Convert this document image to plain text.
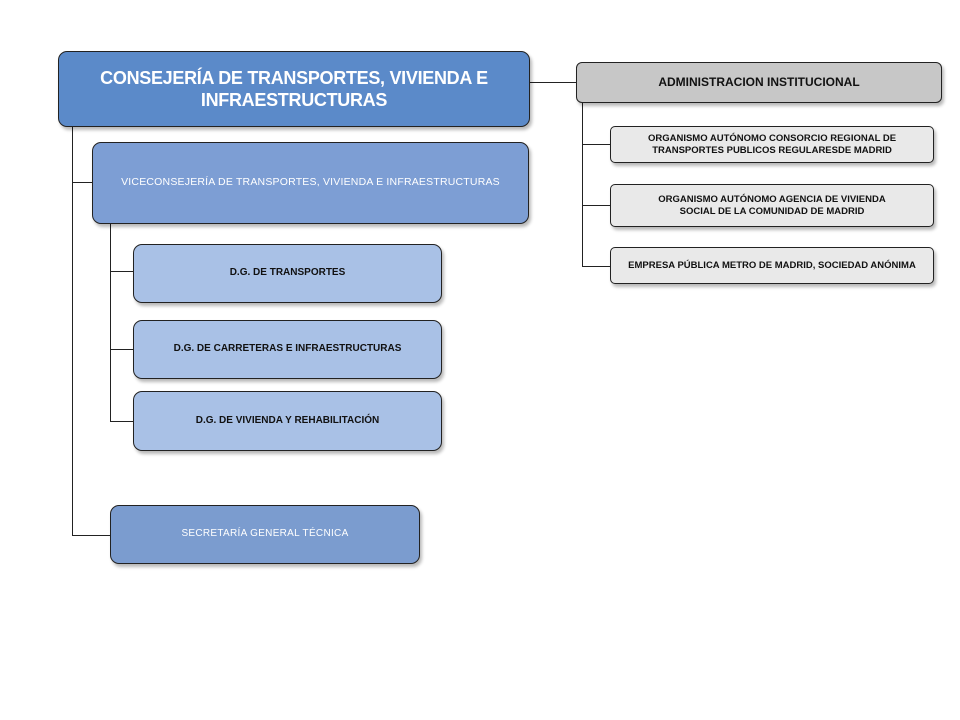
CONSEJERÍA DE TRANSPORTES, VIVIENDA E
INFRAESTRUCTURAS
VICECONSEJERÍA DE TRANSPORTES, VIVIENDA E INFRAESTRUCTURAS
D.G. DE TRANSPORTES
D.G. DE CARRETERAS E INFRAESTRUCTURAS
D.G. DE VIVIENDA Y REHABILITACIÓN
SECRETARÍA GENERAL TÉCNICA
ADMINISTRACION INSTITUCIONAL
ORGANISMO AUTÓNOMO CONSORCIO REGIONAL DE
TRANSPORTES PUBLICOS REGULARESDE MADRID
ORGANISMO AUTÓNOMO AGENCIA DE VIVIENDA
SOCIAL DE LA COMUNIDAD DE MADRID
EMPRESA PÚBLICA METRO DE MADRID, SOCIEDAD ANÓNIMA
